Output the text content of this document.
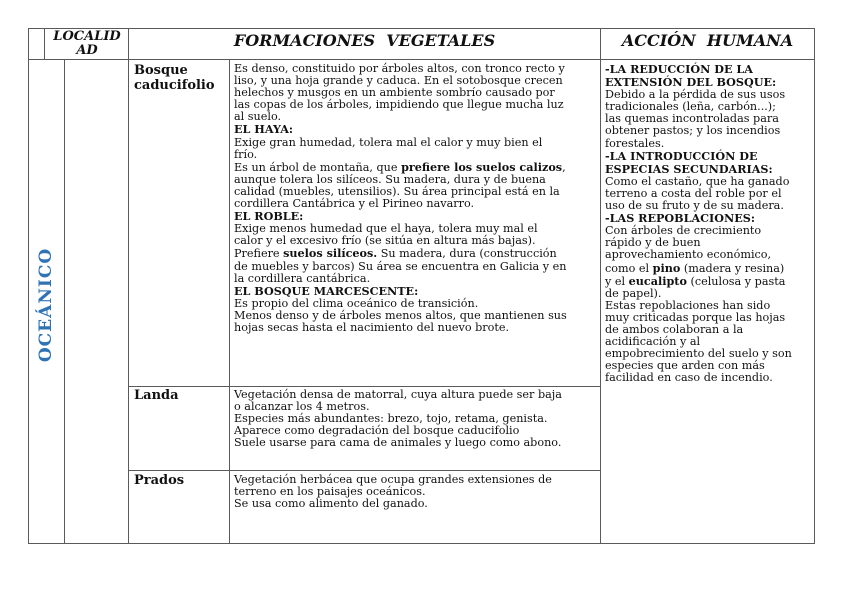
LOCALID
AD
FORMACIONES  VEGETALES	ACCIÓN  HUMANA
OCEÁNICO
Bosque
caducifolio
Landa
Prados

Es denso, constituido por árboles altos, con tronco recto y

liso, y una hoja grande y caduca. En el sotobosque crecen

helechos y musgos en un ambiente sombrío causado por

las copas de los árboles, impidiendo que llegue mucha luz

al suelo.

EL HAYA:

Exige gran humedad, tolera mal el calor y muy bien el

frío.

Es un árbol de montaña, que prefiere los suelos calizos,

aunque tolera los silíceos. Su madera, dura y de buena

calidad (muebles, utensilios). Su área principal está en la

cordillera Cantábrica y el Pirineo navarro.

EL ROBLE:

Exige menos humedad que el haya, tolera muy mal el

calor y el excesivo frío (se sitúa en altura más bajas).

Prefiere suelos silíceos. Su madera, dura (construcción

de muebles y barcos) Su área se encuentra en Galicia y en

la cordillera cantábrica.

EL BOSQUE MARCESCENTE:

Es propio del clima oceánico de transición.

Menos denso y de árboles menos altos, que mantienen sus

hojas secas hasta el nacimiento del nuevo brote.

Vegetación densa de matorral, cuya altura puede ser baja

o alcanzar los 4 metros.

Especies más abundantes: brezo, tojo, retama, genista.

Aparece como degradación del bosque caducifolio

Suele usarse para cama de animales y luego como abono.

Vegetación herbácea que ocupa grandes extensiones de

terreno en los paisajes oceánicos.

Se usa como alimento del ganado.

-LA REDUCCIÓN DE LA

EXTENSIÓN DEL BOSQUE:

Debido a la pérdida de sus usos

tradicionales (leña, carbón...);

las quemas incontroladas para

obtener pastos; y los incendios

forestales.

-LA INTRODUCCIÓN DE

ESPECIAS SECUNDARIAS:

Como el castaño, que ha ganado

terreno a costa del roble por el

uso de su fruto y de su madera.

-LAS REPOBLACIONES:

Con árboles de crecimiento

rápido y de buen

aprovechamiento económico,

como el pino (madera y resina)

y el eucalipto (celulosa y pasta

de papel).

Estas repoblaciones han sido

muy criticadas porque las hojas

de ambos colaboran a la

acidificación y al

empobrecimiento del suelo y son

especies que arden con más

facilidad en caso de incendio.
